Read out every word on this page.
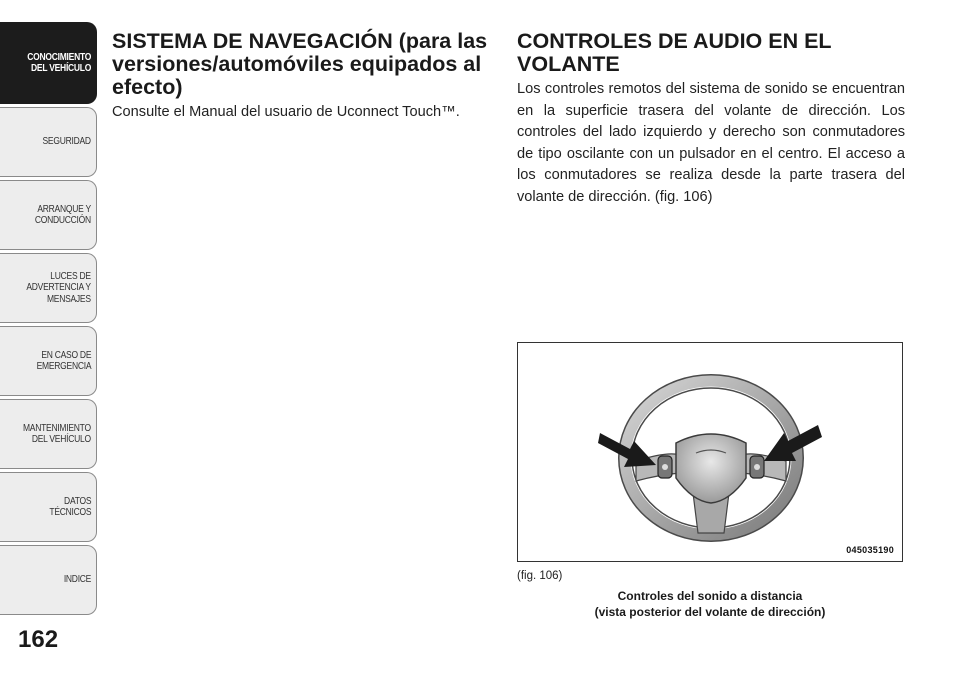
CONOCIMIENTO
DEL VEHÍCULO
SEGURIDAD
ARRANQUE Y
CONDUCCIÓN
LUCES DE
ADVERTENCIA Y
MENSAJES
EN CASO DE
EMERGENCIA
MANTENIMIENTO
DEL VEHÍCULO
DATOS
TÉCNICOS
INDICE
162
SISTEMA DE NAVEGACIÓN (para las versiones/automóviles equipados al efecto)

Consulte el Manual del usuario de Uconnect Touch™.

CONTROLES DE AUDIO EN EL VOLANTE

Los controles remotos del sistema de sonido se encuentran en la superficie trasera del volante de dirección. Los controles del lado izquierdo y derecho son conmutadores de tipo oscilante con un pulsador en el centro. El acceso a los conmutadores se realiza desde la parte trasera del volante de dirección. (fig. 106)

045035190
(fig. 106)
Controles del sonido a distancia
(vista posterior del volante de dirección)
